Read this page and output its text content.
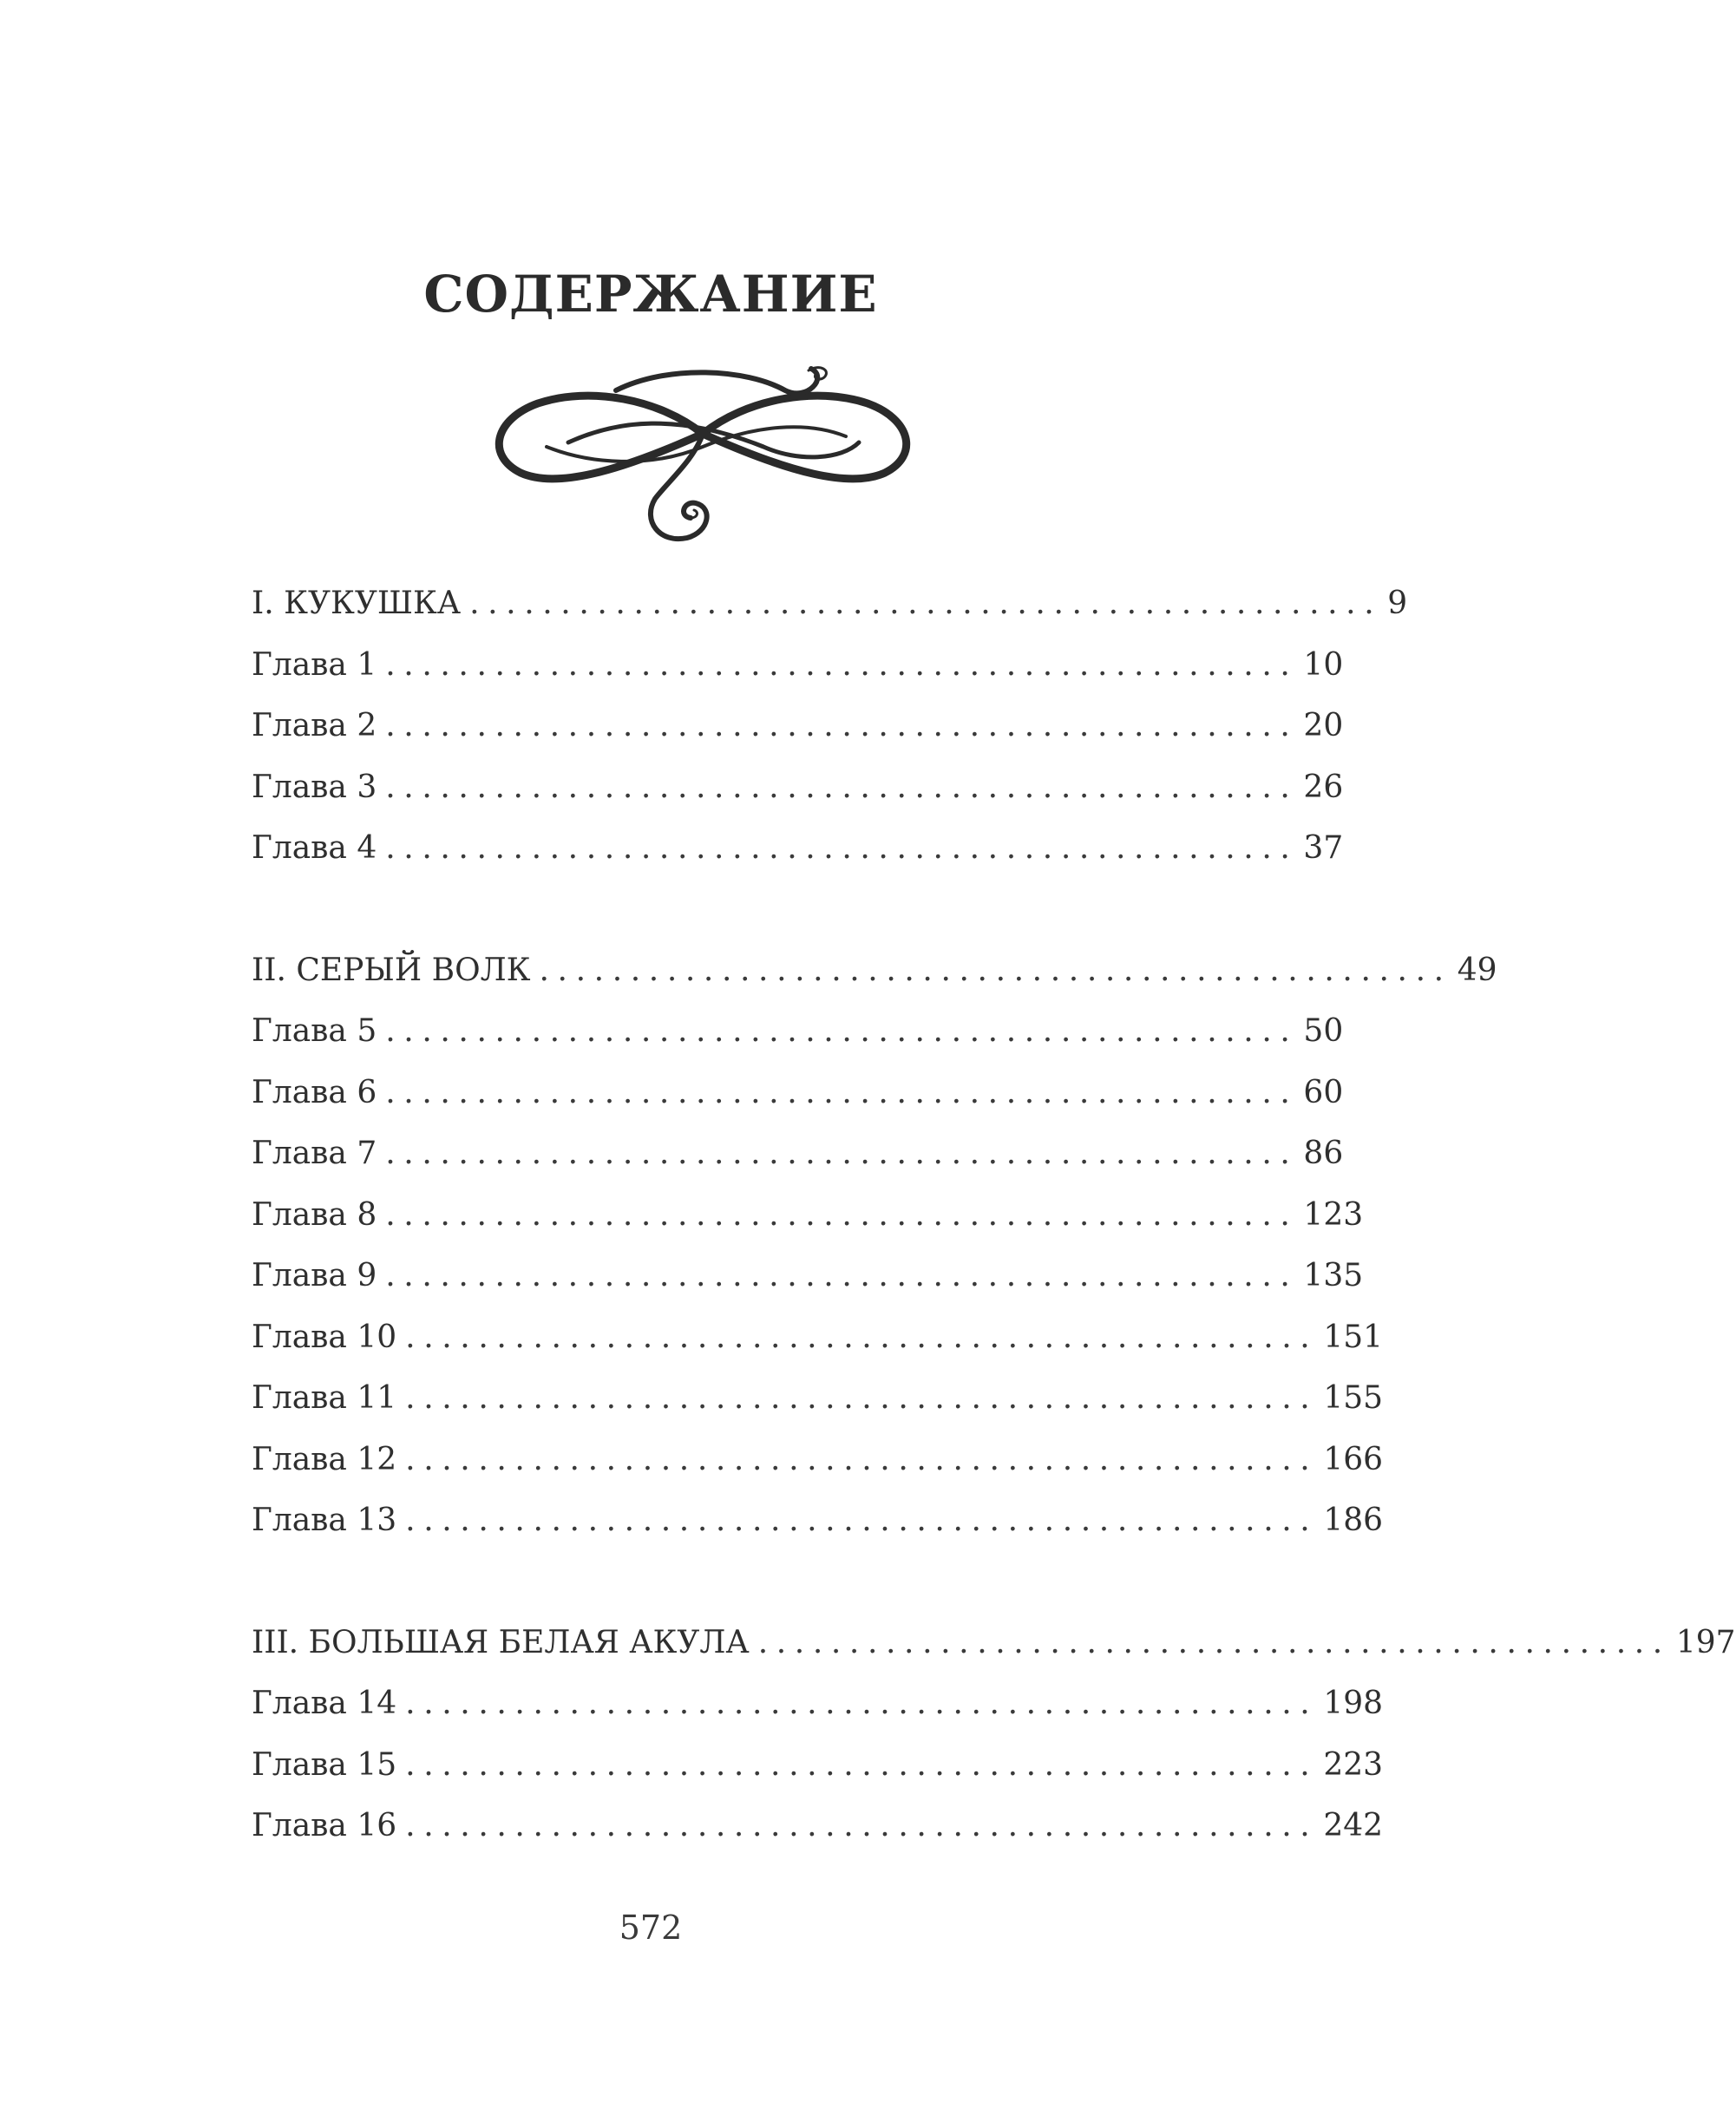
СОДЕРЖАНИЕ
I. КУКУШКА .................................................. 9
Глава 1 .................................................. 10
Глава 2 .................................................. 20
Глава 3 .................................................. 26
Глава 4 .................................................. 37
II. СЕРЫЙ ВОЛК .................................................. 49
Глава 5 .................................................. 50
Глава 6 .................................................. 60
Глава 7 .................................................. 86
Глава 8 .................................................. 123
Глава 9 .................................................. 135
Глава 10 .................................................. 151
Глава 11 .................................................. 155
Глава 12 .................................................. 166
Глава 13 .................................................. 186
III. БОЛЬШАЯ БЕЛАЯ АКУЛА .................................................. 197
Глава 14 .................................................. 198
Глава 15 .................................................. 223
Глава 16 .................................................. 242
572
